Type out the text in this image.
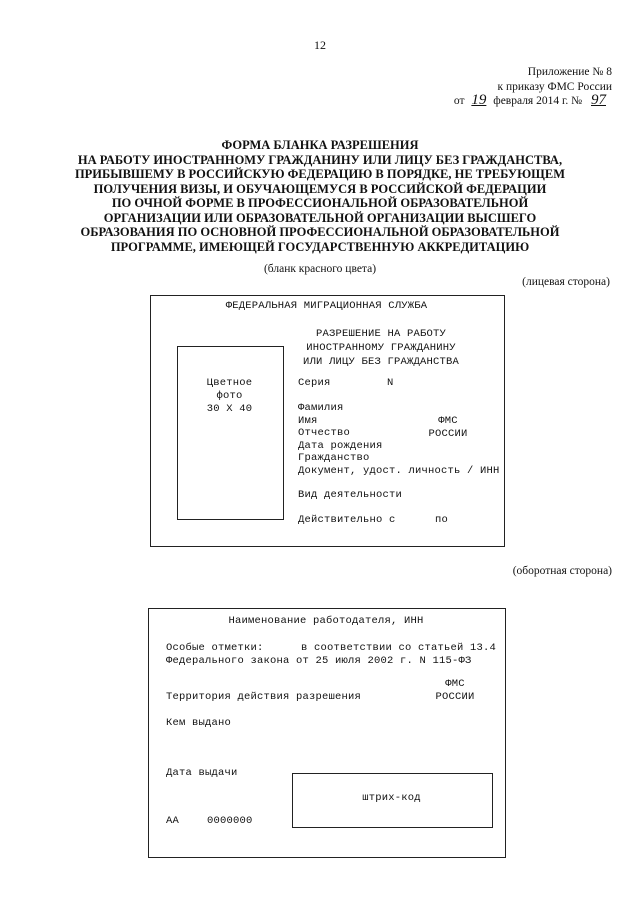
12
Приложение № 8
к приказу ФМС России
от 19 февраля 2014 г. № 97
ФОРМА БЛАНКА РАЗРЕШЕНИЯ
НА РАБОТУ ИНОСТРАННОМУ ГРАЖДАНИНУ ИЛИ ЛИЦУ БЕЗ ГРАЖДАНСТВА,
ПРИБЫВШЕМУ В РОССИЙСКУЮ ФЕДЕРАЦИЮ В ПОРЯДКЕ, НЕ ТРЕБУЮЩЕМ
ПОЛУЧЕНИЯ ВИЗЫ, И ОБУЧАЮЩЕМУСЯ В РОССИЙСКОЙ ФЕДЕРАЦИИ
ПО ОЧНОЙ ФОРМЕ В ПРОФЕССИОНАЛЬНОЙ ОБРАЗОВАТЕЛЬНОЙ
ОРГАНИЗАЦИИ ИЛИ ОБРАЗОВАТЕЛЬНОЙ ОРГАНИЗАЦИИ ВЫСШЕГО
ОБРАЗОВАНИЯ ПО ОСНОВНОЙ ПРОФЕССИОНАЛЬНОЙ ОБРАЗОВАТЕЛЬНОЙ
ПРОГРАММЕ, ИМЕЮЩЕЙ ГОСУДАРСТВЕННУЮ АККРЕДИТАЦИЮ
(бланк красного цвета)
(лицевая сторона)
ФЕДЕРАЛЬНАЯ МИГРАЦИОННАЯ СЛУЖБА
РАЗРЕШЕНИЕ НА РАБОТУ
ИНОСТРАННОМУ ГРАЖДАНИНУ
ИЛИ ЛИЦУ БЕЗ ГРАЖДАНСТВА
Цветное
фото
30 X 40
Серия	N
Фамилия
Имя
Отчество
Дата рождения
Гражданство
Документ, удост. личность / ИНН
ФМС
РОССИИ
Вид деятельности
Действительно с	по
(оборотная сторона)
Наименование работодателя, ИНН
Особые отметки:	в соответствии со статьей 13.4
Федерального закона от 25 июля 2002 г. N 115-ФЗ
ФМС
РОССИИ
Территория действия разрешения
Кем выдано
Дата выдачи
штрих-код
АА	0000000
